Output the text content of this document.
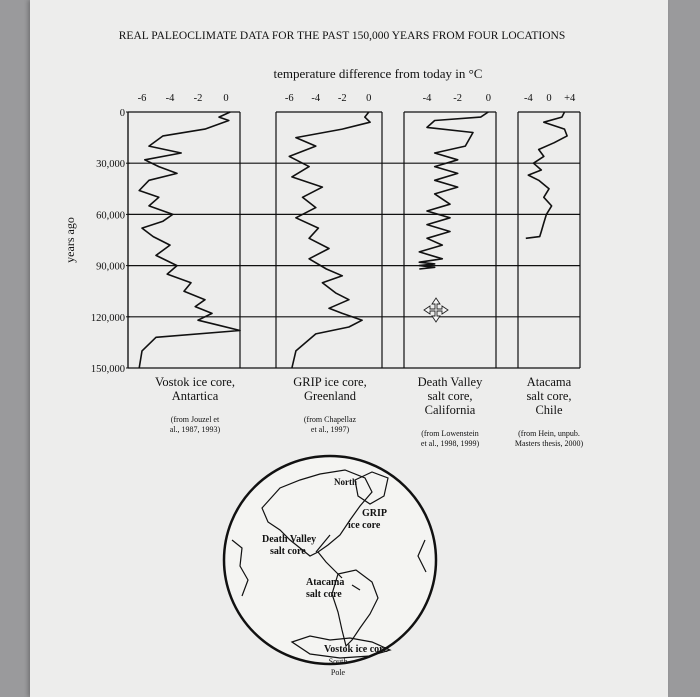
REAL PALEOCLIMATE DATA FOR THE PAST 150,000 YEARS FROM FOUR LOCATIONS
temperature difference from today in °C
years ago
0
30,000
60,000
90,000
120,000
150,000
-6 -4 -2 0	-6 -4 -2 0	-4 -2 0	-4 0 +4
Vostok ice core,
Antartica
(from Jouzel et
al., 1987, 1993)
GRIP ice core,
Greenland
(from Chapellaz
et al., 1997)
Death Valley
salt core,
California
(from Lowenstein
et al., 1998, 1999)
Atacama
salt core,
Chile
(from Hein, unpub.
Masters thesis, 2000)
North
GRIP
ice core
Death Valley
salt core
Atacama
salt core
Vostok ice core
South
Pole
